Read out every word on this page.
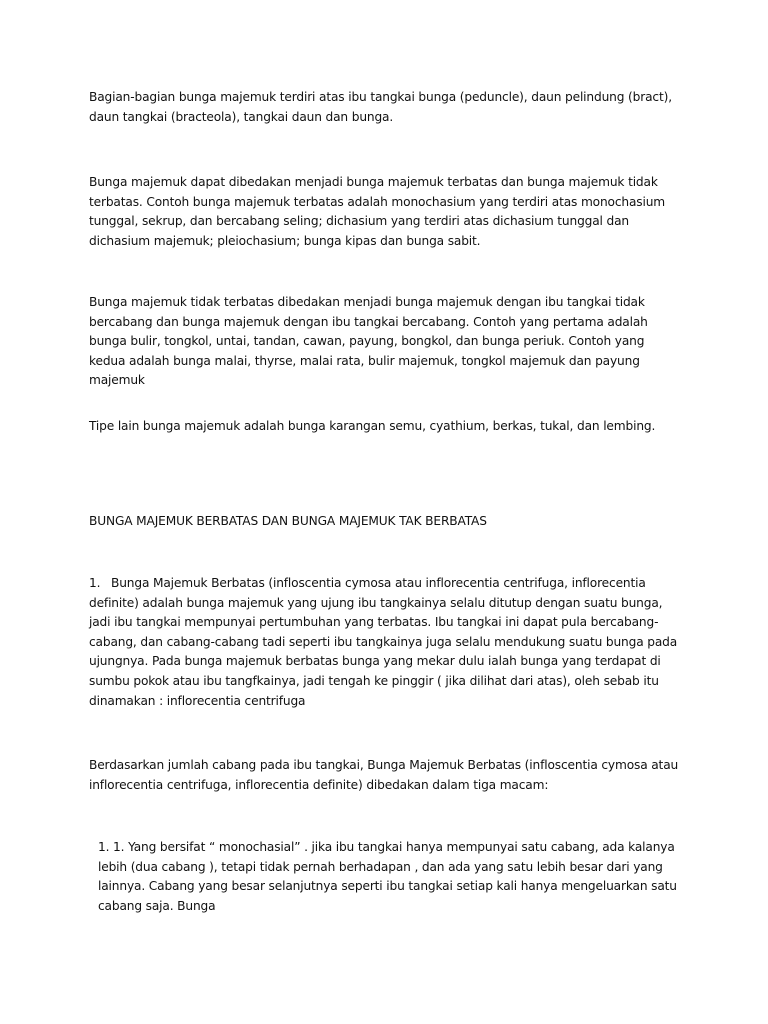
Bagian-bagian bunga majemuk terdiri atas ibu tangkai bunga (peduncle), daun pelindung (bract), daun tangkai (bracteola), tangkai daun dan bunga.

Bunga majemuk dapat dibedakan menjadi bunga majemuk terbatas dan bunga majemuk tidak terbatas. Contoh bunga majemuk terbatas adalah monochasium yang terdiri atas monochasium tunggal, sekrup, dan bercabang seling; dichasium yang terdiri atas dichasium tunggal dan dichasium majemuk; pleiochasium; bunga kipas dan bunga sabit.

Bunga majemuk tidak terbatas dibedakan menjadi bunga majemuk dengan ibu tangkai tidak bercabang dan bunga majemuk dengan ibu tangkai bercabang. Contoh yang pertama adalah bunga bulir, tongkol, untai, tandan, cawan, payung, bongkol, dan bunga periuk. Contoh yang kedua adalah bunga malai, thyrse, malai rata, bulir majemuk, tongkol majemuk dan payung majemuk

Tipe lain bunga majemuk adalah bunga karangan semu, cyathium, berkas, tukal, dan lembing.

BUNGA MAJEMUK BERBATAS DAN BUNGA MAJEMUK TAK BERBATAS

1. Bunga Majemuk Berbatas (infloscentia cymosa atau inflorecentia centrifuga, inflorecentia definite) adalah bunga majemuk yang ujung ibu tangkainya selalu ditutup dengan suatu bunga, jadi ibu tangkai mempunyai pertumbuhan yang terbatas. Ibu tangkai ini dapat pula bercabang-cabang, dan cabang-cabang tadi seperti ibu tangkainya juga selalu mendukung suatu bunga pada ujungnya. Pada bunga majemuk berbatas bunga yang mekar dulu ialah bunga yang terdapat di sumbu pokok atau ibu tangfkainya, jadi tengah ke pinggir ( jika dilihat dari atas), oleh sebab itu dinamakan : inflorecentia centrifuga

Berdasarkan jumlah cabang pada ibu tangkai, Bunga Majemuk Berbatas (infloscentia cymosa atau inflorecentia centrifuga, inflorecentia definite) dibedakan dalam tiga macam:

1. 1. Yang bersifat “ monochasial” . jika ibu tangkai hanya mempunyai satu cabang, ada kalanya lebih (dua cabang ), tetapi tidak pernah berhadapan , dan ada yang satu lebih besar dari yang lainnya. Cabang yang besar selanjutnya seperti ibu tangkai setiap kali hanya mengeluarkan satu cabang saja. Bunga
